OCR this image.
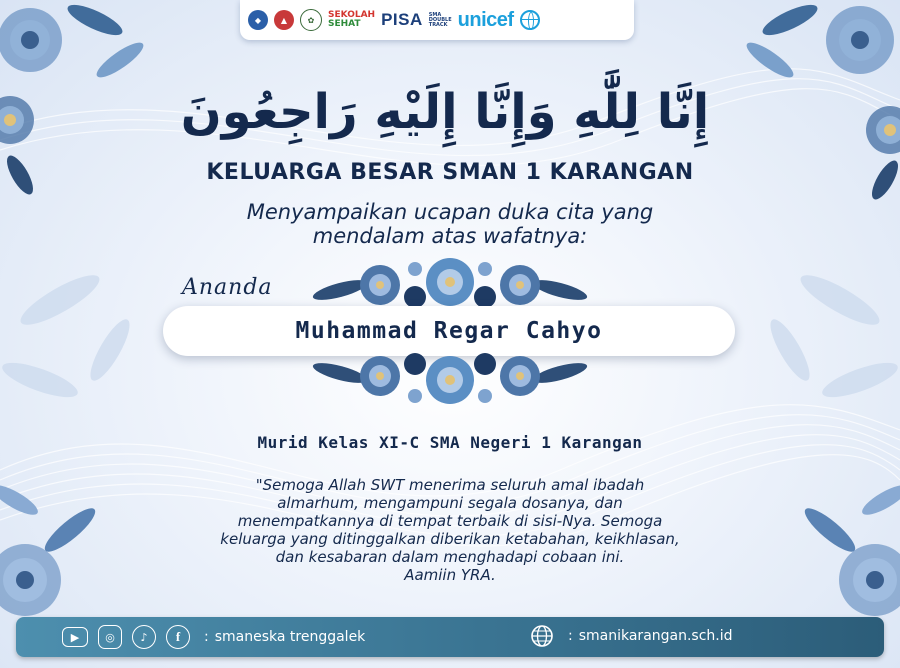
◆	▲	✿	SEKOLAH
SEHAT	PISA SMA
DOUBLE
TRACK unicef
إِنَّا لِلَّٰهِ وَإِنَّا إِلَيْهِ رَاجِعُونَ
KELUARGA BESAR SMAN 1 KARANGAN
Menyampaikan ucapan duka cita yang
mendalam atas wafatnya:
Ananda
Muhammad Regar Cahyo
Murid Kelas XI-C SMA Negeri 1 Karangan
"Semoga Allah SWT menerima seluruh amal ibadah
almarhum, mengampuni segala dosanya, dan
menempatkannya di tempat terbaik di sisi-Nya. Semoga
keluarga yang ditinggalkan diberikan ketabahan, keikhlasan,
dan kesabaran dalam menghadapi cobaan ini.
Aamiin YRA.
▶	◎	♪	f	: smaneska trenggalek	: smanikarangan.sch.id
